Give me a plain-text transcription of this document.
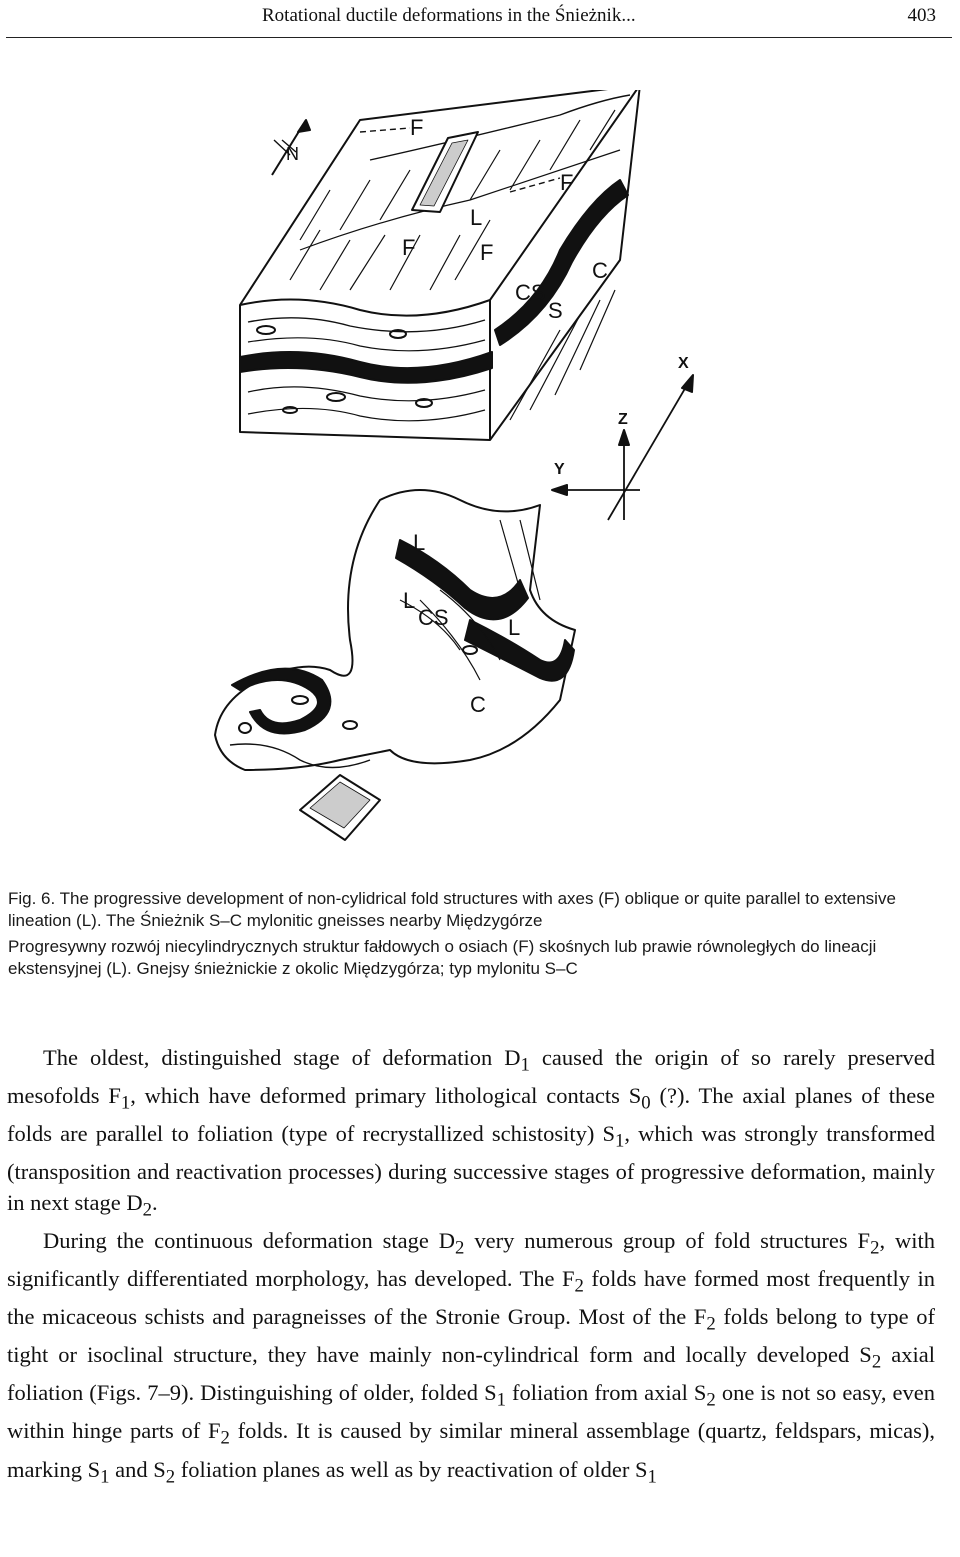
Rotational ductile deformations in the Śnieżnik...	403
F
F
F	F
L
CS
S
C
L
L
CS	L
C
N
X
Z
Y

Fig. 6. The progressive development of non-cylidrical fold structures with axes (F) oblique or quite parallel to extensive lineation (L). The Śnieżnik S–C mylonitic gneisses nearby Międzygórze

Progresywny rozwój niecylindrycznych struktur fałdowych o osiach (F) skośnych lub prawie równoległych do lineacji ekstensyjnej (L). Gnejsy śnieżnickie z okolic Międzygórza; typ mylonitu S–C

The oldest, distinguished stage of deformation $D_1$ caused the origin of so rarely preserved mesofolds $F_1$, which have deformed primary lithological contacts $S_0$ (?). The axial planes of these folds are parallel to foliation (type of recrystallized schistosity) $S_1$, which was strongly transformed (transposition and reactivation processes) during successive stages of progressive deformation, mainly in next stage $D_2$.

During the continuous deformation stage $D_2$ very numerous group of fold structures $F_2$, with significantly differentiated morphology, has developed. The $F_2$ folds have formed most frequently in the micaceous schists and paragneisses of the Stronie Group. Most of the $F_2$ folds belong to type of tight or isoclinal structure, they have mainly non-cylindrical form and locally developed $S_2$ axial foliation (Figs. 7–9). Distinguishing of older, folded $S_1$ foliation from axial $S_2$ one is not so easy, even within hinge parts of $F_2$ folds. It is caused by similar mineral assemblage (quartz, feldspars, micas), marking $S_1$ and $S_2$ foliation planes as well as by reactivation of older $S_1$
